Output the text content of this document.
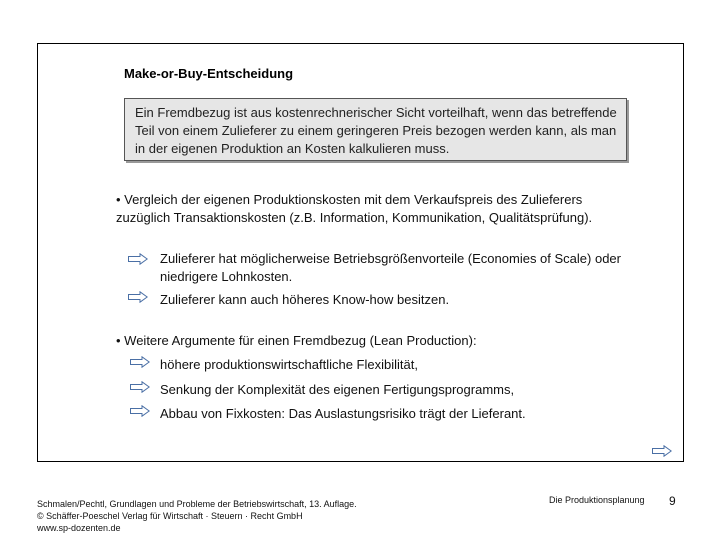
Make-or-Buy-Entscheidung
Ein Fremdbezug ist aus kostenrechnerischer Sicht vorteilhaft, wenn das betreffende Teil von einem Zulieferer zu einem geringeren Preis bezogen werden kann, als man in der eigenen Produktion an Kosten kalkulieren muss.
• Vergleich der eigenen Produktionskosten mit dem Verkaufspreis des Zulieferers zuzüglich Transaktionskosten (z.B. Information, Kommunikation, Qualitätsprüfung).
Zulieferer hat möglicherweise Betriebsgrößenvorteile (Economies of Scale) oder niedrigere Lohnkosten.
Zulieferer kann auch höheres Know-how besitzen.
• Weitere Argumente für einen Fremdbezug (Lean Production):
höhere produktionswirtschaftliche Flexibilität,
Senkung der Komplexität des eigenen Fertigungsprogramms,
Abbau von Fixkosten: Das Auslastungsrisiko trägt der Lieferant.
Schmalen/Pechtl, Grundlagen und Probleme der Betriebswirtschaft, 13. Auflage.
© Schäffer-Poeschel Verlag für Wirtschaft · Steuern · Recht GmbH
www.sp-dozenten.de
Die Produktionsplanung 9
